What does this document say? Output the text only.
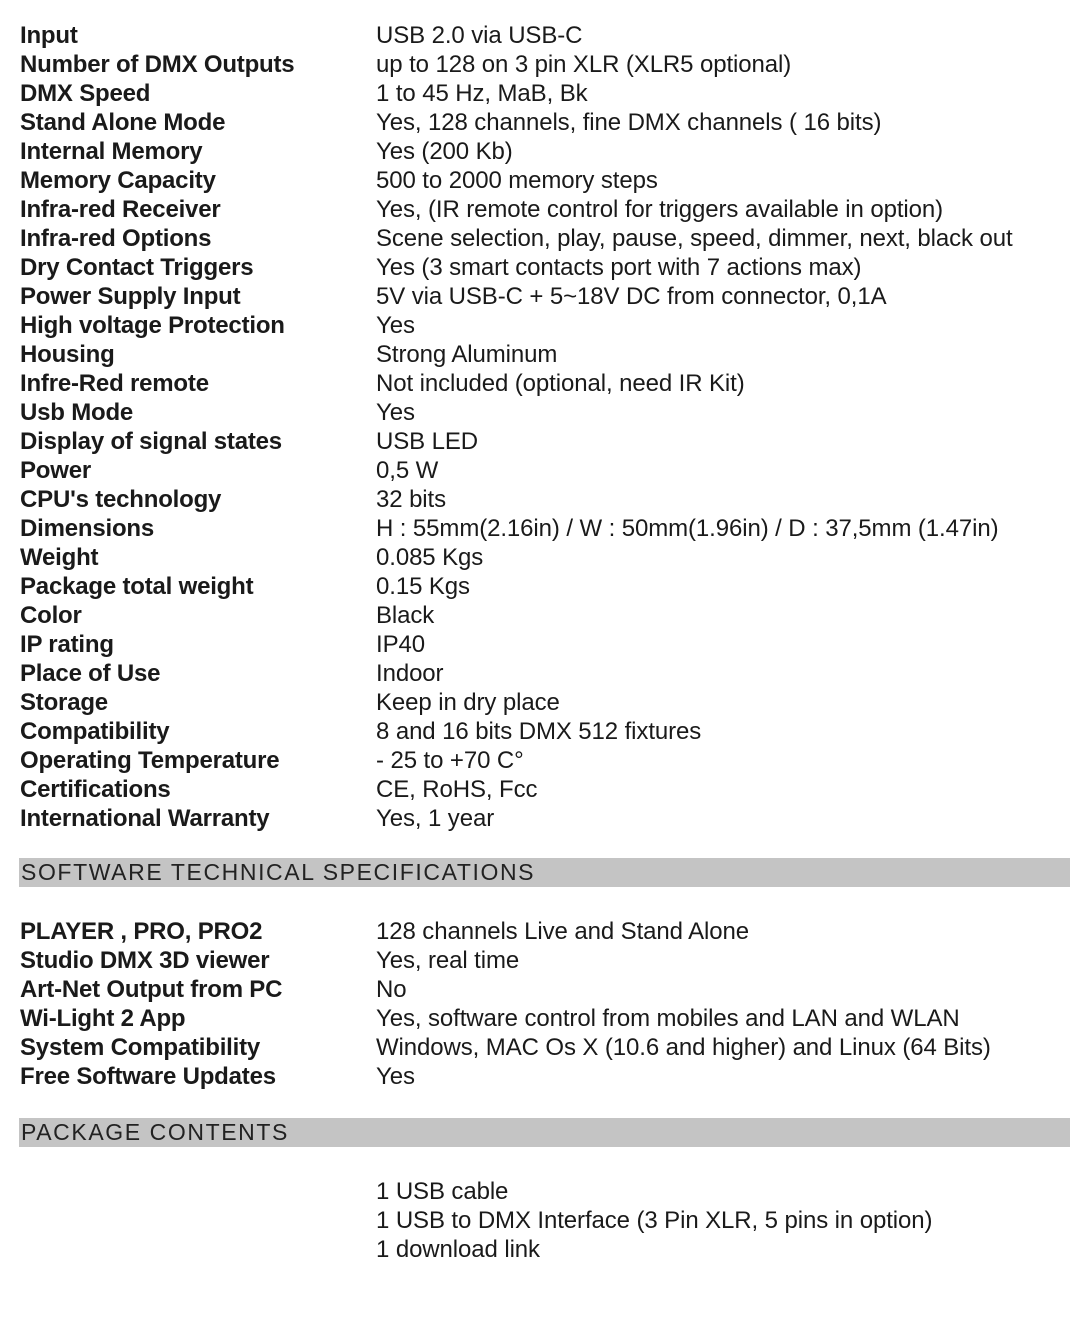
Input	USB 2.0 via USB-C
Number of DMX Outputs	up to 128 on 3 pin XLR (XLR5 optional)
DMX Speed	1 to 45 Hz, MaB, Bk
Stand Alone Mode	Yes, 128 channels, fine DMX channels ( 16 bits)
Internal Memory	Yes (200 Kb)
Memory Capacity	500 to 2000 memory steps
Infra-red Receiver	Yes, (IR remote control for triggers available in option)
Infra-red Options	Scene selection, play, pause, speed, dimmer, next, black out
Dry Contact Triggers	Yes (3 smart contacts port with 7 actions max)
Power Supply Input	5V via USB-C + 5~18V DC from connector, 0,1A
High voltage Protection	Yes
Housing	Strong Aluminum
Infre-Red remote	Not included (optional, need IR Kit)
Usb Mode	Yes
Display of signal states	USB LED
Power	0,5 W
CPU's technology	32 bits
Dimensions	H : 55mm(2.16in) / W : 50mm(1.96in) / D : 37,5mm (1.47in)
Weight	0.085 Kgs
Package total weight	0.15 Kgs
Color	Black
IP rating	IP40
Place of Use	Indoor
Storage	Keep in dry place
Compatibility	8 and 16 bits DMX 512 fixtures
Operating Temperature	- 25 to +70 C°
Certifications	CE, RoHS, Fcc
International Warranty	Yes, 1 year
SOFTWARE TECHNICAL SPECIFICATIONS
PLAYER , PRO, PRO2	128 channels Live and Stand Alone
Studio DMX 3D viewer	Yes, real time
Art-Net Output from PC	No
Wi-Light 2 App	Yes, software control from mobiles and LAN and WLAN
System Compatibility	Windows, MAC Os X (10.6 and higher) and Linux (64 Bits)
Free Software Updates	Yes
PACKAGE CONTENTS
1 USB cable
1 USB to DMX Interface (3 Pin XLR, 5 pins in option)
1 download link
